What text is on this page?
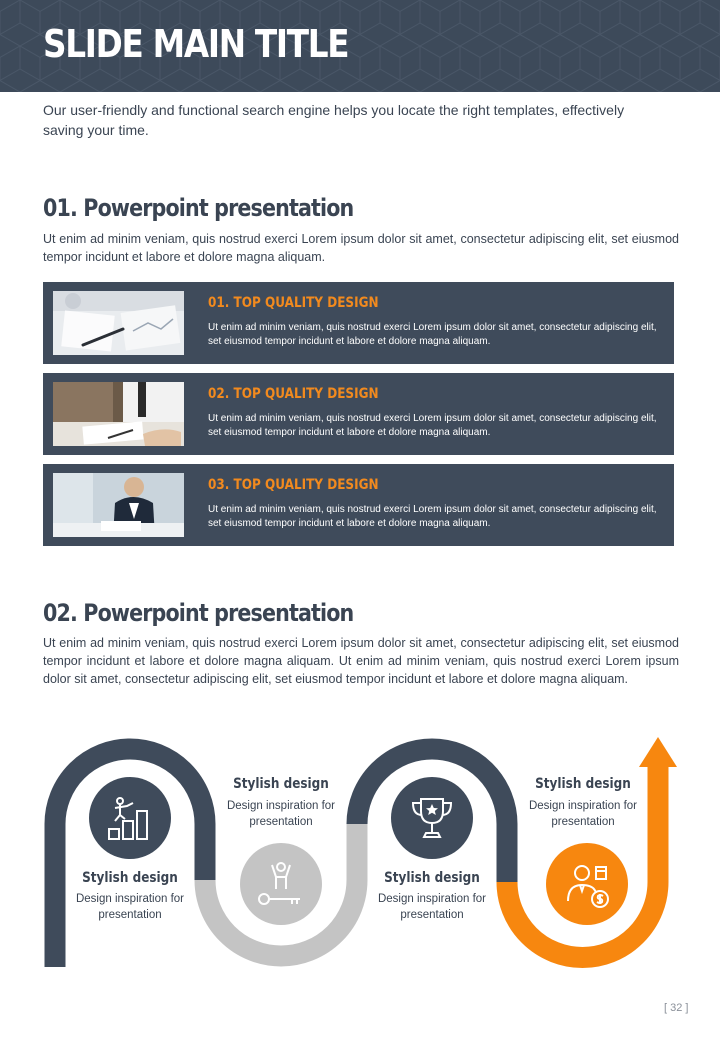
SLIDE MAIN TITLE
Our user-friendly and functional search engine helps you locate the right templates, effectively saving your time.
01. Powerpoint presentation
Ut enim ad minim veniam, quis nostrud exerci Lorem ipsum dolor sit amet, consectetur adipiscing elit, set eiusmod tempor incidunt et labore et dolore magna aliquam.
01. TOP QUALITY DESIGN
Ut enim ad minim veniam, quis nostrud exerci Lorem ipsum dolor sit amet, consectetur adipiscing elit, set eiusmod tempor incidunt et labore et dolore magna aliquam.
02. TOP QUALITY DESIGN
Ut enim ad minim veniam, quis nostrud exerci Lorem ipsum dolor sit amet, consectetur adipiscing elit, set eiusmod tempor incidunt et labore et dolore magna aliquam.
03. TOP QUALITY DESIGN
Ut enim ad minim veniam, quis nostrud exerci Lorem ipsum dolor sit amet, consectetur adipiscing elit, set eiusmod tempor incidunt et labore et dolore magna aliquam.
02. Powerpoint presentation
Ut enim ad minim veniam, quis nostrud exerci Lorem ipsum dolor sit amet, consectetur adipiscing elit, set eiusmod tempor incidunt et labore et dolore magna aliquam. Ut enim ad minim veniam, quis nostrud exerci Lorem ipsum dolor sit amet, consectetur adipiscing elit, set eiusmod tempor incidunt et labore et dolore magna aliquam.
Stylish design
Design inspiration for presentation
Stylish design
Design inspiration for presentation
Stylish design
Design inspiration for presentation
Stylish design
Design inspiration for presentation
[ 32 ]
